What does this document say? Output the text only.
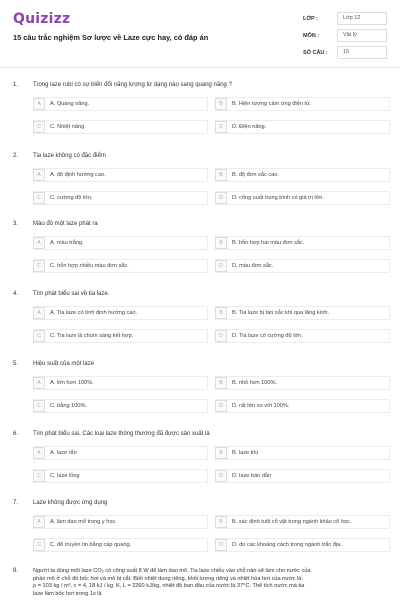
Quizizz
15 câu trắc nghiệm Sơ lược về Laze cực hay, có đáp án
LỚP :	Lớp 12
MÔN :	Vật lý
SỐ CÂU :	15
1.	Trong laze rubi có sự biến đổi năng lượng từ dạng nào sang quang năng ?
A	A. Quang năng.	B	B. Hiện tượng cảm ứng điện từ.
C	C. Nhiệt năng.	D	D. Điện năng.
2.	Tia laze không có đặc điểm
A	A. độ định hướng cao.	B	B. độ đơn sắc cao.
C	C. cường độ lớn.	D	D. công suất trung bình có giá trị lớn.
3.	Màu đỏ một laze phát ra
A	A. màu trắng.	B	B. hỗn hợp hai màu đơn sắc.
C	C. hỗn hợp nhiều màu đơn sắc.	D	D. màu đơn sắc.
4.	Tìm phát biểu sai về tia laze.
A	A. Tia laze có tính định hướng cao.	B	B. Tia laze bị tán sắc khi qua lăng kính.
C	C. Tia laze là chùm sáng kết hợp.	D	D. Tia laze có cường độ lớn.
5.	Hiệu suất của một laze
A	A. lớn hơn 100%.	B	B. nhỏ hơn 100%.
C	C. bằng 100%.	D	D. rất lớn so với 100%.
6.	Tìm phát biểu sai. Các loại laze thông thường đã được sản xuất là
A	A. laze rắn	B	B. laze khí
C	C. laze lỏng	D	D. laze bán dẫn
7.	Laze không được ứng dụng
A	A. làm dao mổ trong y học.	B	B. xác định tuổi cổ vật trong ngành khảo cổ học.
C	C. để truyền tin bằng cáp quang.	D	D. đo các khoảng cách trong ngành trắc địa.
8.	Người ta dùng một laze CO₂ có công suất 8 W để làm dao mổ. Tia laze chiếu vào chỗ nào sẽ làm cho nước của
phần mô ở chỗ đó bốc hơi và mô bị cắt. Biết nhiệt dung riêng, khối lượng riêng và nhiệt hóa hơi của nước là:
ρ = 103 kg / m³, c = 4, 18 kJ / kg. K, L = 2260 kJ/kg, nhiệt độ ban đầu của nước là 37°C. Thể tích nước mà tia
laze làm bốc hơi trong 1s là
